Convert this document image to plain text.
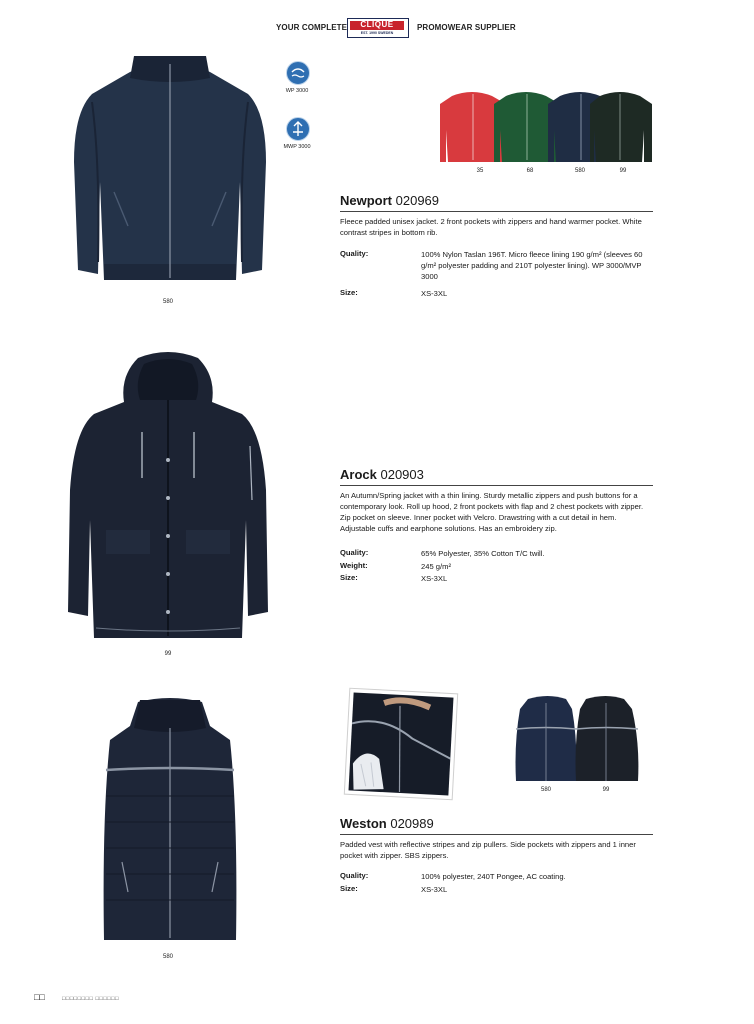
YOUR COMPLETE	CLIQUE
EST. 1990 SWEDEN
PROMOWEAR SUPPLIER
580
WP 3000
MWP 3000
35	68	580	99
Newport 020969
Fleece padded unisex jacket. 2 front pockets with zippers and hand warmer pocket. White contrast stripes in bottom rib.
Quality:	100% Nylon Taslan 196T. Micro fleece lining 190 g/m² (sleeves 60 g/m² polyester padding and 210T polyester lining). WP 3000/MVP 3000
Size:	XS-3XL
99
Arock 020903
An Autumn/Spring jacket with a thin lining. Sturdy metallic zippers and push buttons for a contemporary look. Roll up hood, 2 front pockets with flap and 2 chest pockets with zipper. Zip pocket on sleeve. Inner pocket with Velcro. Drawstring with a cut detail in hem. Adjustable cuffs and earphone solutions. Has an embroidery zip.
Quality:	65% Polyester, 35% Cotton T/C twill.
Weight:	245 g/m²
Size:	XS-3XL
580
580	99
Weston 020989
Padded vest with reflective stripes and zip pullers. Side pockets with zippers and 1 inner pocket with zipper. SBS zippers.
Quality:	100% polyester, 240T Pongee, AC coating.
Size:	XS-3XL
□□	□□□□□□□□ □□□□□□
